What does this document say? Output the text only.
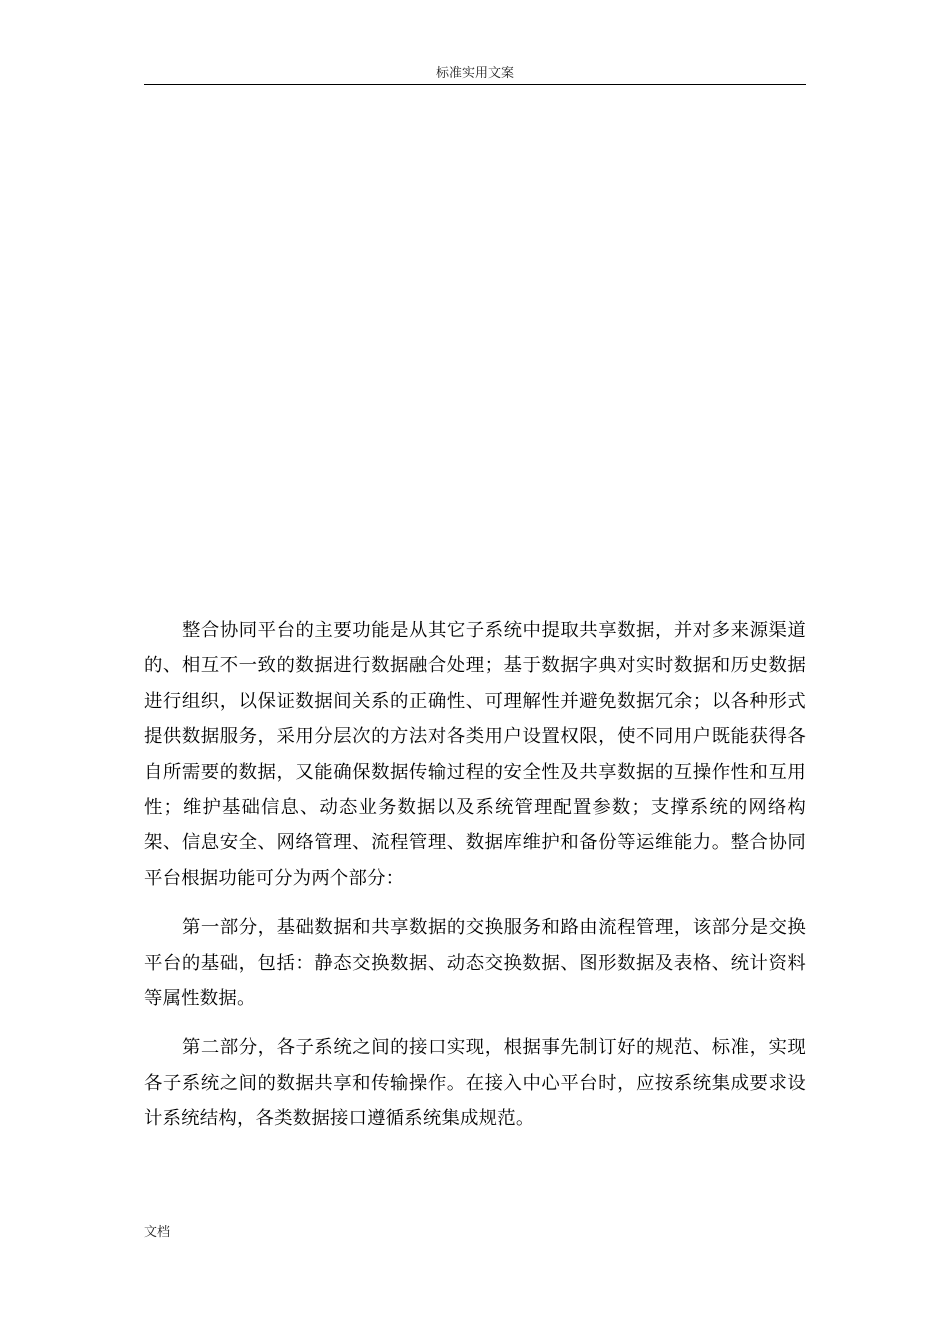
标准实用文案

整合协同平台的主要功能是从其它子系统中提取共享数据，并对多来源渠道的、相互不一致的数据进行数据融合处理；基于数据字典对实时数据和历史数据进行组织，以保证数据间关系的正确性、可理解性并避免数据冗余；以各种形式提供数据服务，采用分层次的方法对各类用户设置权限，使不同用户既能获得各自所需要的数据，又能确保数据传输过程的安全性及共享数据的互操作性和互用性；维护基础信息、动态业务数据以及系统管理配置参数；支撑系统的网络构架、信息安全、网络管理、流程管理、数据库维护和备份等运维能力。整合协同平台根据功能可分为两个部分：

第一部分，基础数据和共享数据的交换服务和路由流程管理，该部分是交换平台的基础，包括：静态交换数据、动态交换数据、图形数据及表格、统计资料等属性数据。

第二部分，各子系统之间的接口实现，根据事先制订好的规范、标准，实现各子系统之间的数据共享和传输操作。在接入中心平台时，应按系统集成要求设计系统结构，各类数据接口遵循系统集成规范。

文档
